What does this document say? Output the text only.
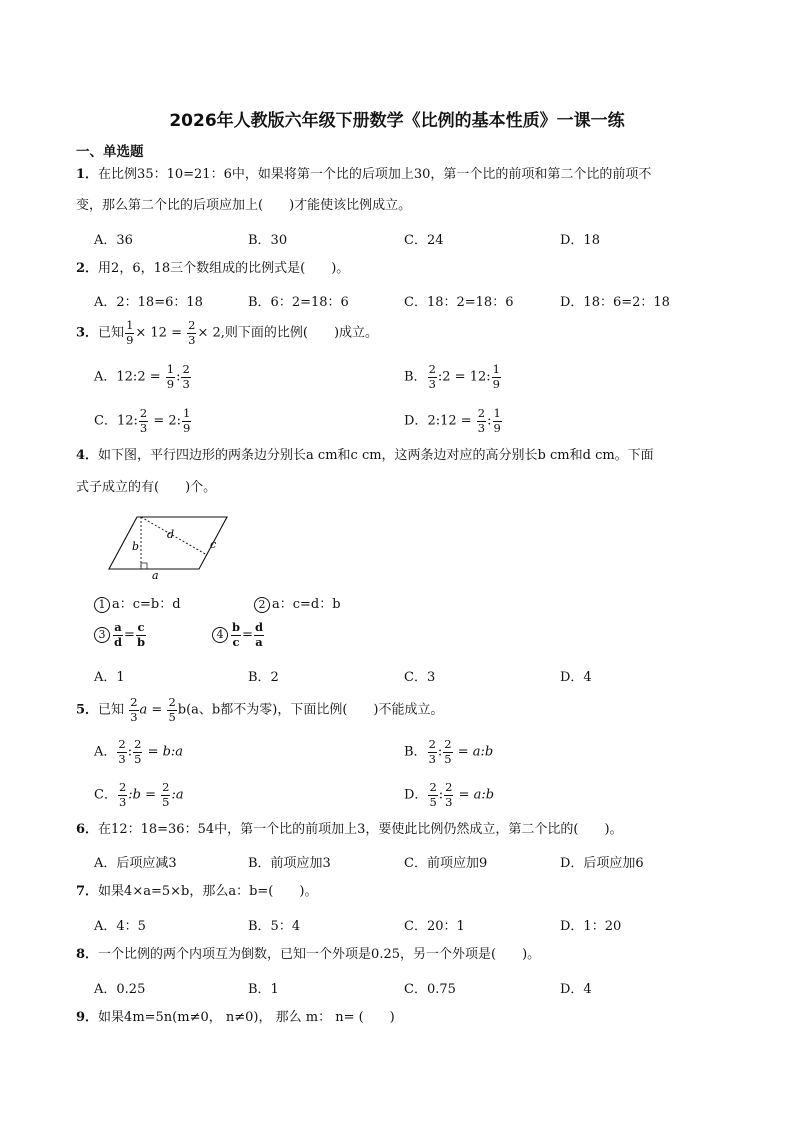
2026年人教版六年级下册数学《比例的基本性质》一课一练
一、单选题
1．在比例35：10=21：6中，如果将第一个比的后项加上30，第一个比的前项和第二个比的前项不
变，那么第二个比的后项应加上(　　)才能使该比例成立。
A．36	B．30	C．24	D．18
2．用2，6，18三个数组成的比例式是(　　)。
A．2：18=6：18	B．6：2=18：6	C．18：2=18：6	D．18：6=2：18
3．已知 $\frac{1}{9} \times 12 = \frac{2}{3} \times 2$,则下面的比例(　　)成立。
A．12:2 = $\frac{1}{9}$ : $\frac{2}{3}$	B． $\frac{2}{3}$ :2 = 12: $\frac{1}{9}$
C．12: $\frac{2}{3} = 2$: $\frac{1}{9}$	D．2:12 = $\frac{2}{3}$ : $\frac{1}{9}$
4．如下图，平行四边形的两条边分别长a cm和c cm，这两条边对应的高分别长b cm和d cm。下面
式子成立的有(　　)个。
d
b	c
a
1 a：c=b：d	2 a：c=d：b
$3 \frac{a}{d} = \frac{c}{b}$	$4 \frac{b}{c} = \frac{d}{a}$
A．1	B．2	C．3	D．4
5．已知 $\frac{2}{3}$ $a = \frac{2}{5} b(a$、b都不为零)，下面比例(　　)不能成立。
A． $\frac{2}{3}$ : $\frac{2}{5}$ = b:a	B． $\frac{2}{3}$ : $\frac{2}{5}$ = a:b
C． $\frac{2}{3}$ :b = $\frac{2}{5}$ :a	D． $\frac{2}{5}$ : $\frac{2}{3}$ = a:b
6．在12：18=36：54中，第一个比的前项加上3，要使此比例仍然成立，第二个比的(　　)。
A．后项应减3	B．前项应加3	C．前项应加9	D．后项应加6
7．如果4×a=5×b，那么a：b=(　　)。
A．4：5	B．5：4	C．20：1	D．1：20
8．一个比例的两个内项互为倒数，已知一个外项是0.25，另一个外项是(　　)。
A．0.25	B．1	C．0.75	D．4
9．如果4m=5n(m≠0， n≠0)， 那么 m： n= (　　)
